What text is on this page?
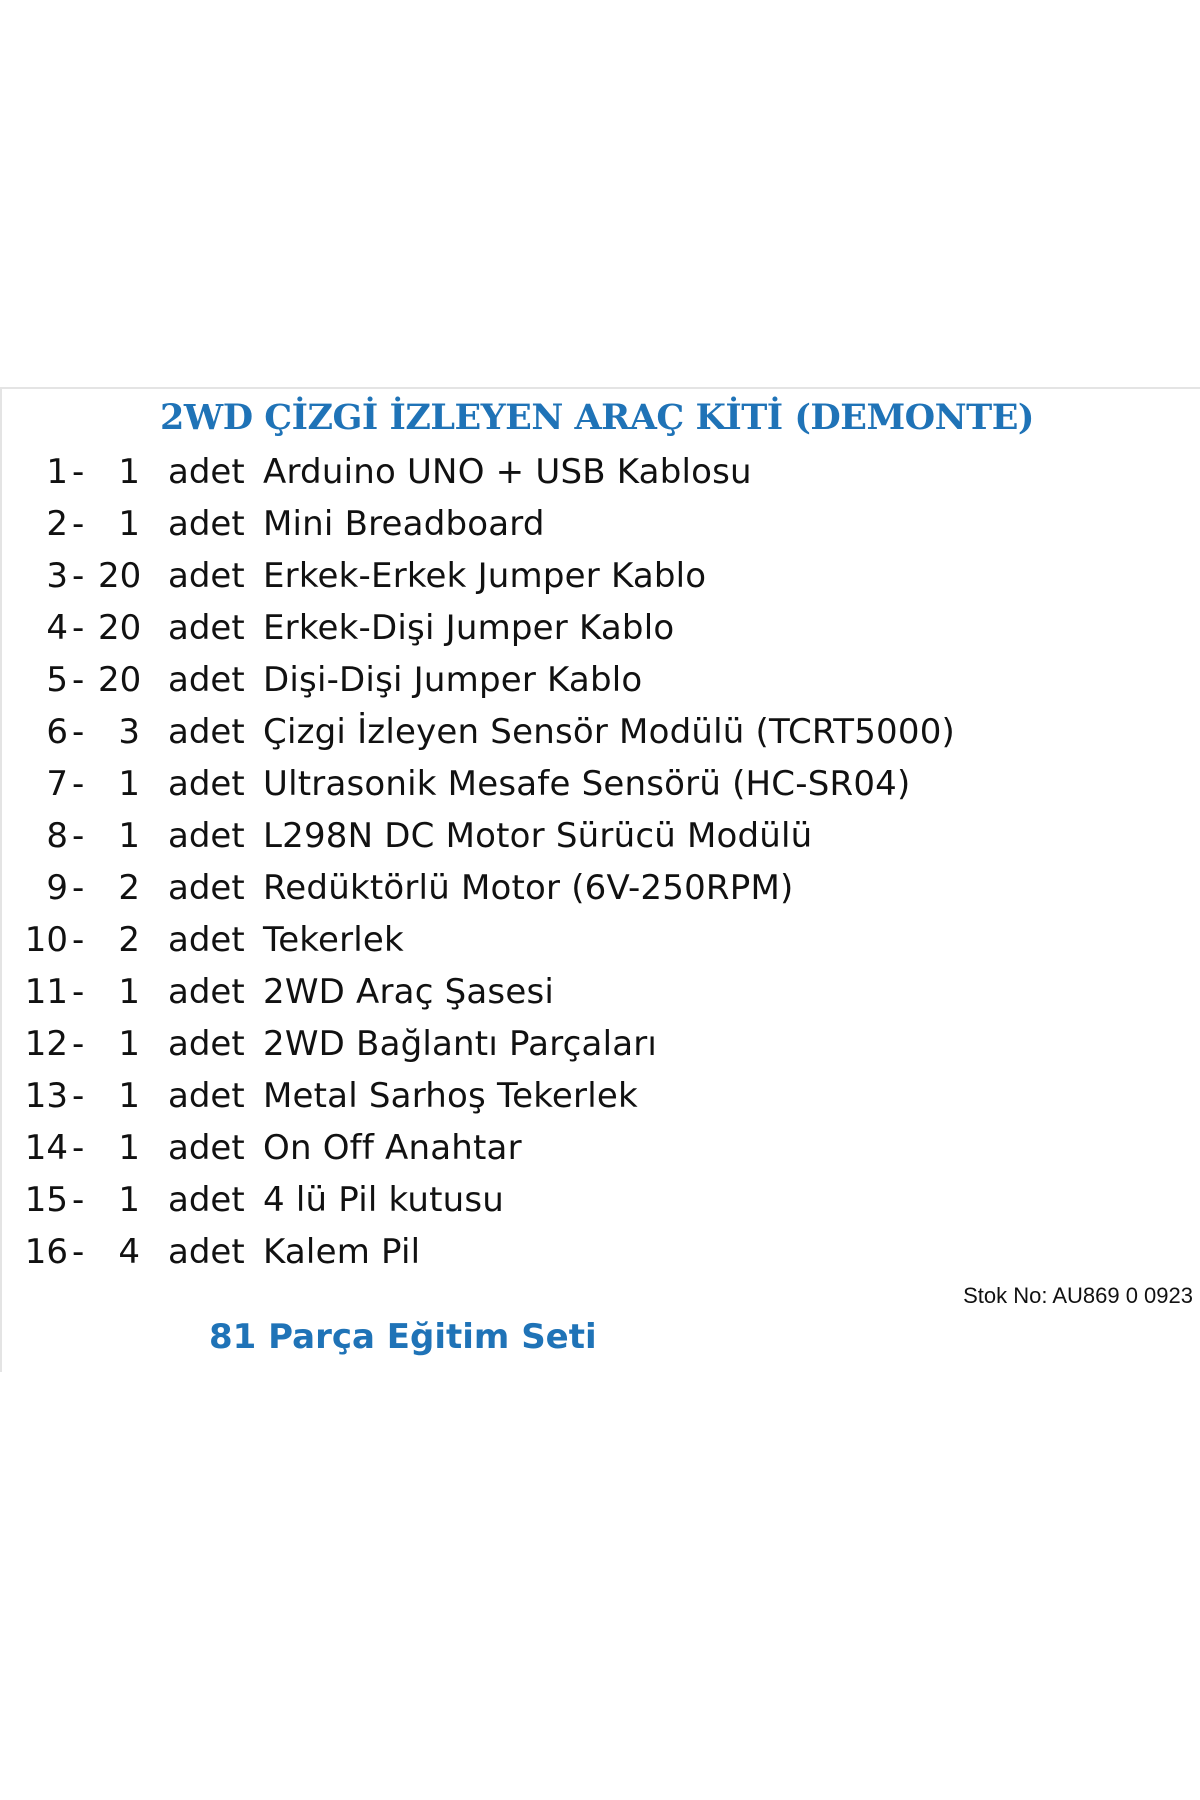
2WD ÇİZGİ İZLEYEN ARAÇ KİTİ (DEMONTE)
1 -	1 adet Arduino UNO + USB Kablosu
2 -	1 adet Mini Breadboard
3 - 20 adet Erkek-Erkek Jumper Kablo
4 - 20 adet Erkek-Dişi Jumper Kablo
5 - 20 adet Dişi-Dişi Jumper Kablo
6 -	3 adet Çizgi İzleyen Sensör Modülü (TCRT5000)
7 -	1 adet Ultrasonik Mesafe Sensörü (HC-SR04)
8 -	1 adet L298N DC Motor Sürücü Modülü
9 -	2 adet Redüktörlü Motor (6V-250RPM)
10 -	2 adet Tekerlek
11 -	1 adet 2WD Araç Şasesi
12 -	1 adet 2WD Bağlantı Parçaları
13 -	1 adet Metal Sarhoş Tekerlek
14 -	1 adet On Off Anahtar
15 -	1 adet 4 lü Pil kutusu
16 -	4 adet Kalem Pil
Stok No: AU869 0 0923
81 Parça Eğitim Seti
